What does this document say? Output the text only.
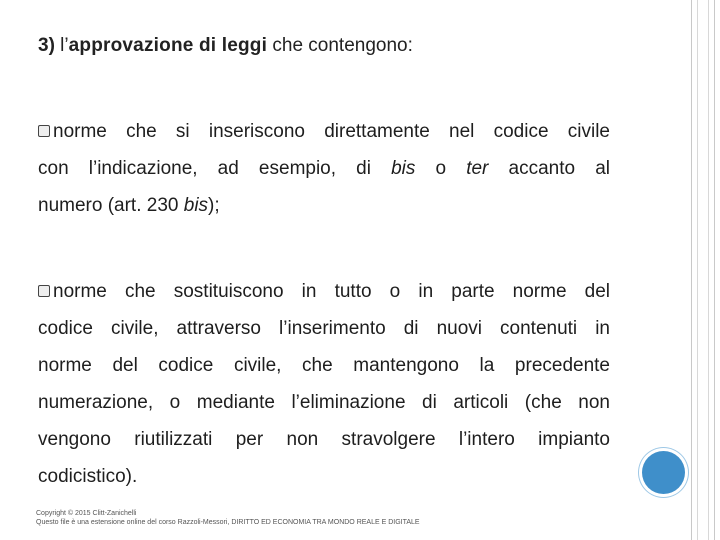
3) l’approvazione di leggi che contengono:
norme che si inseriscono direttamente nel codice civile
con l’indicazione, ad esempio, di bis o ter accanto al
numero (art. 230 bis);
norme che sostituiscono in tutto o in parte norme del
codice civile, attraverso l’inserimento di nuovi contenuti in
norme del codice civile, che mantengono la precedente
numerazione, o mediante l’eliminazione di articoli (che non
vengono riutilizzati per non stravolgere l’intero impianto
codicistico).
Copyright © 2015 Clitt-Zanichelli
Questo file è una estensione online del corso Razzoli-Messori, DIRITTO ED ECONOMIA TRA MONDO REALE E DIGITALE
